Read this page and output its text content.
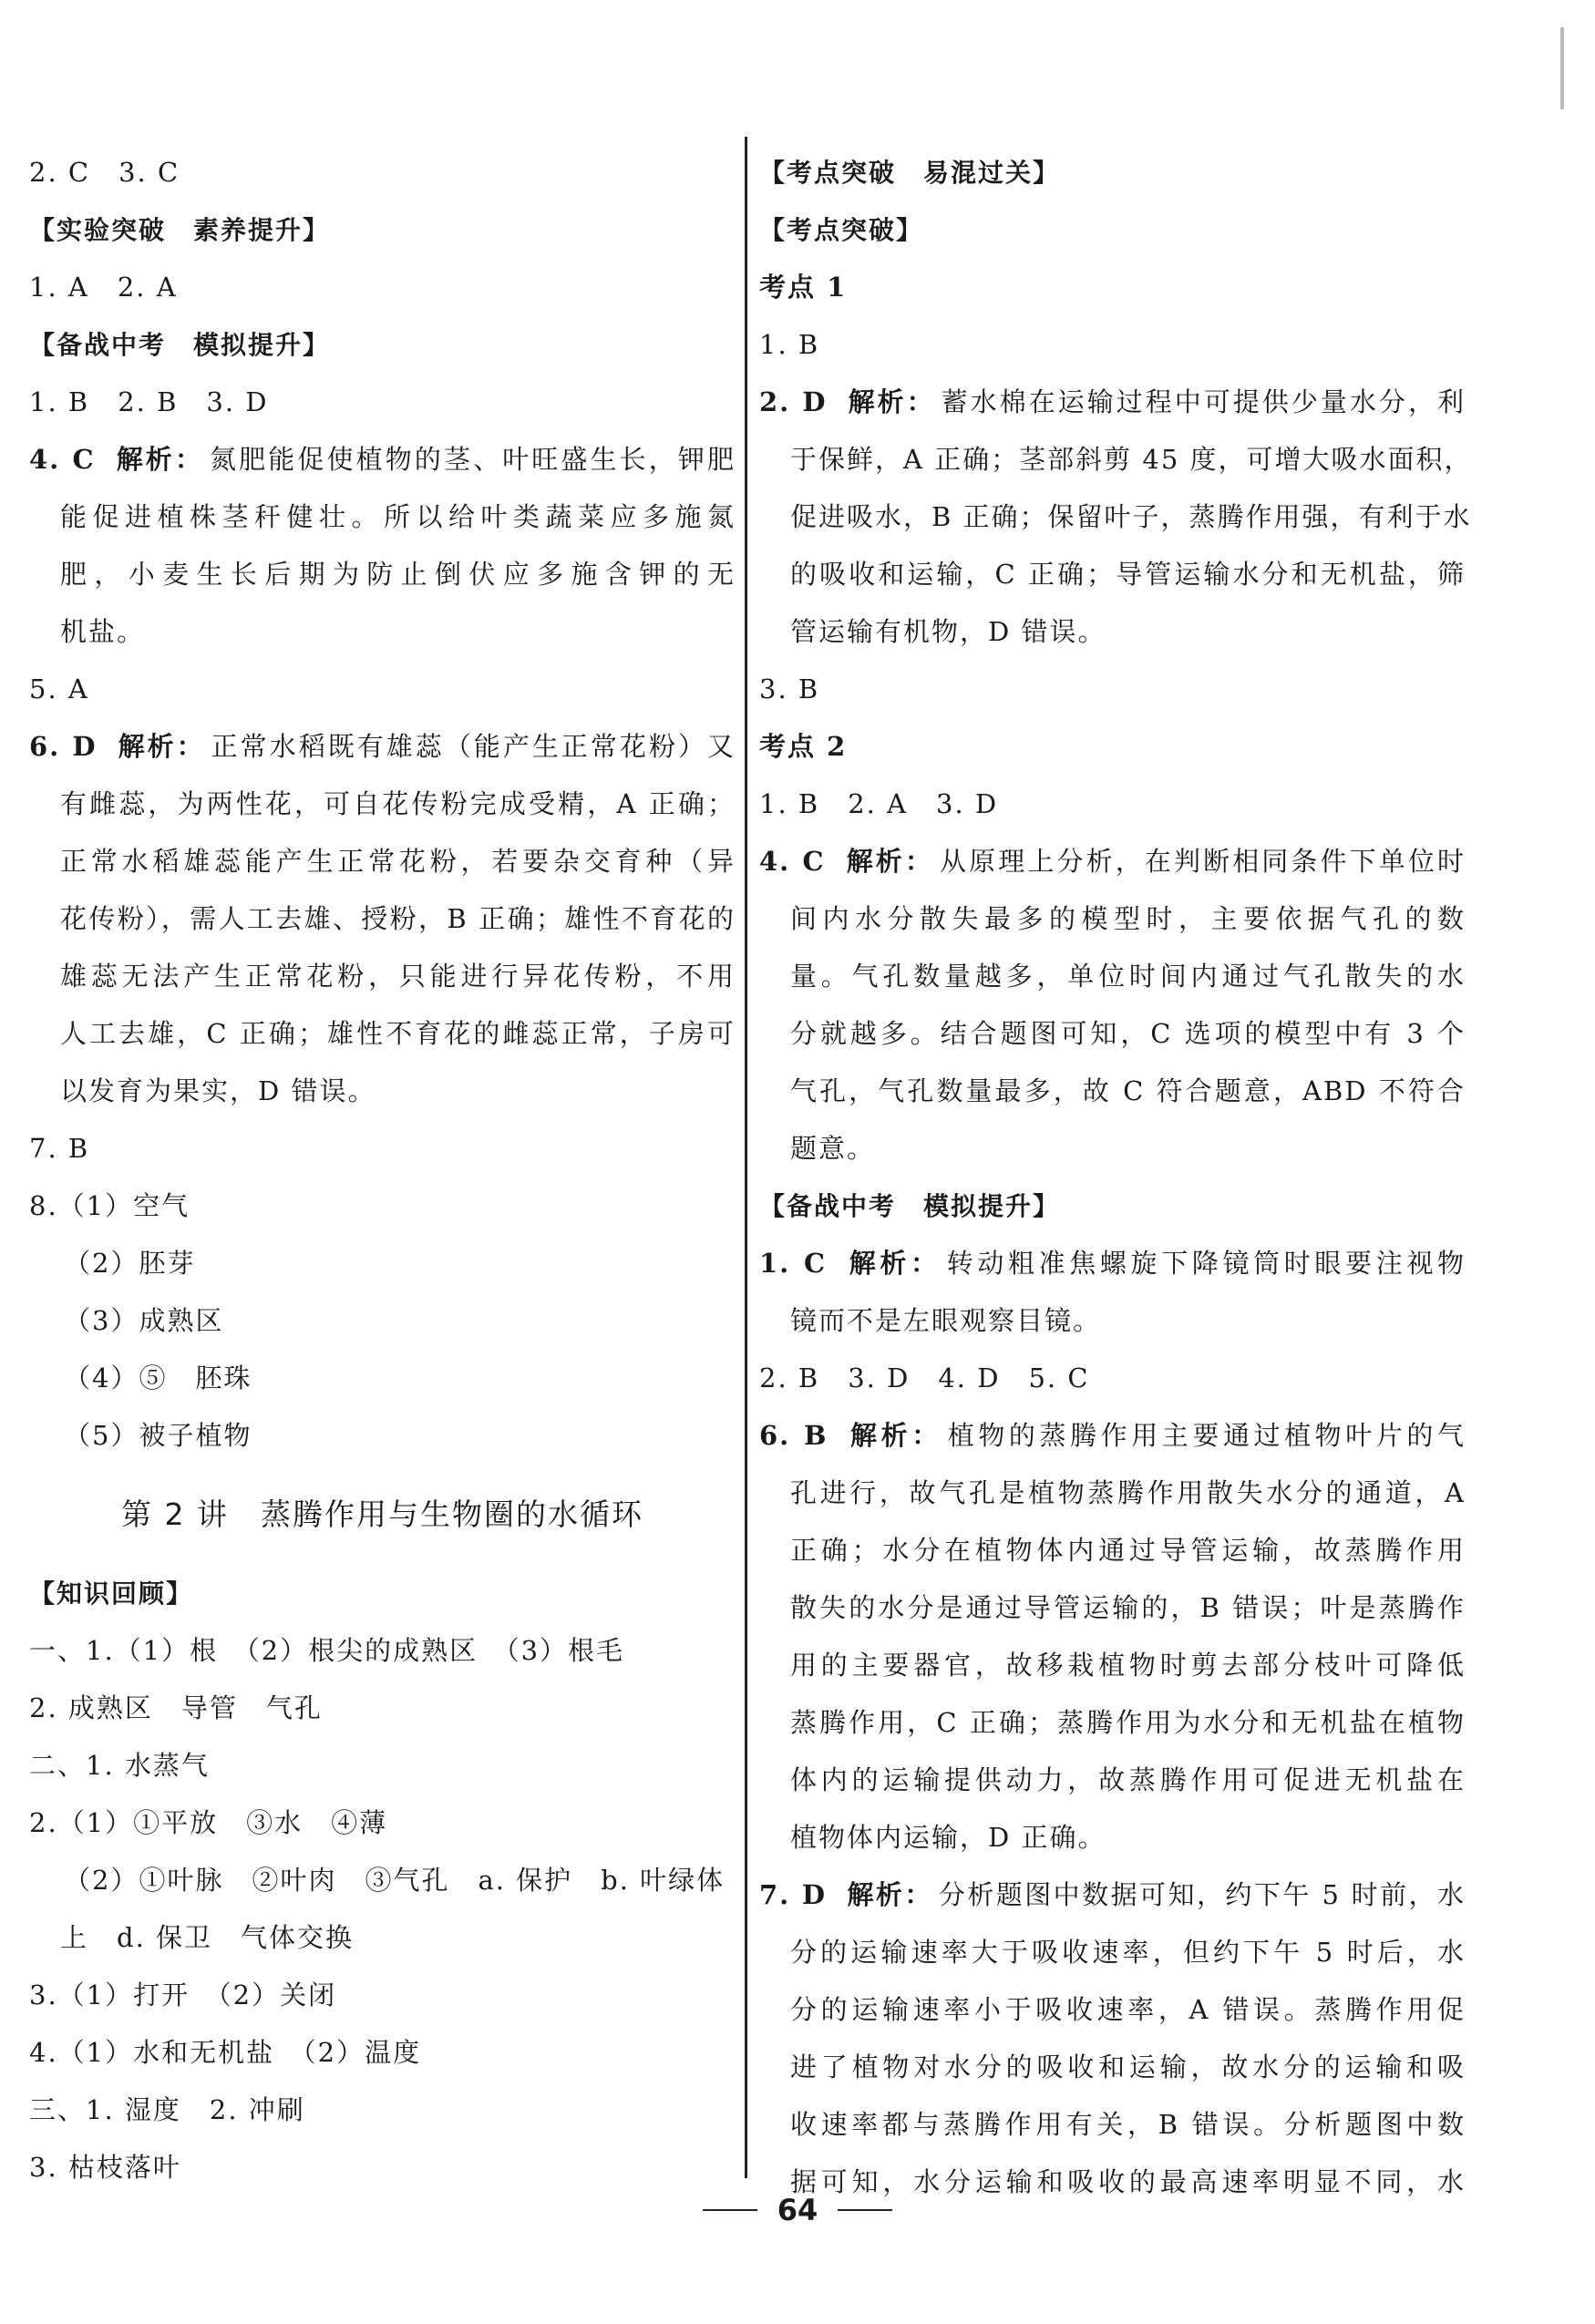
2. C　3. C
【实验突破　素养提升】
1. A　2. A
【备战中考　模拟提升】
1. B　2. B　3. D
4. C 解析： 氮肥能促使植物的茎、叶旺盛生长，钾肥
能促进植株茎秆健壮。所以给叶类蔬菜应多施氮
肥，小麦生长后期为防止倒伏应多施含钾的无
机盐。
5. A
6. D 解析： 正常水稻既有雄蕊（能产生正常花粉）又
有雌蕊，为两性花，可自花传粉完成受精，A 正确；
正常水稻雄蕊能产生正常花粉，若要杂交育种（异
花传粉），需人工去雄、授粉，B 正确；雄性不育花的
雄蕊无法产生正常花粉，只能进行异花传粉，不用
人工去雄，C 正确；雄性不育花的雌蕊正常，子房可
以发育为果实，D 错误。
7. B
8.（1）空气
（2）胚芽
（3）成熟区
（4）⑤　胚珠
（5）被子植物
第 2 讲　蒸腾作用与生物圈的水循环
【知识回顾】
一、1.（1）根　（2）根尖的成熟区　（3）根毛
2. 成熟区　导管　气孔
二、1. 水蒸气
2.（1）①平放　③水　④薄
（2）①叶脉　②叶肉　③气孔　a. 保护　b. 叶绿体
上　d. 保卫　气体交换
3.（1）打开　（2）关闭
4.（1）水和无机盐　（2）温度
三、1. 湿度　2. 冲刷
3. 枯枝落叶
【考点突破　易混过关】
【考点突破】
考点 1
1. B
2. D 解析： 蓄水棉在运输过程中可提供少量水分，利
于保鲜，A 正确；茎部斜剪 45 度，可增大吸水面积，
促进吸水，B 正确；保留叶子，蒸腾作用强，有利于水
的吸收和运输，C 正确；导管运输水分和无机盐，筛
管运输有机物，D 错误。
3. B
考点 2
1. B　2. A　3. D
4. C 解析： 从原理上分析，在判断相同条件下单位时
间内水分散失最多的模型时，主要依据气孔的数
量。气孔数量越多，单位时间内通过气孔散失的水
分就越多。结合题图可知，C 选项的模型中有 3 个
气孔，气孔数量最多，故 C 符合题意，ABD 不符合
题意。
【备战中考　模拟提升】
1. C 解析： 转动粗准焦螺旋下降镜筒时眼要注视物
镜而不是左眼观察目镜。
2. B　3. D　4. D　5. C
6. B 解析： 植物的蒸腾作用主要通过植物叶片的气
孔进行，故气孔是植物蒸腾作用散失水分的通道，A
正确；水分在植物体内通过导管运输，故蒸腾作用
散失的水分是通过导管运输的，B 错误；叶是蒸腾作
用的主要器官，故移栽植物时剪去部分枝叶可降低
蒸腾作用，C 正确；蒸腾作用为水分和无机盐在植物
体内的运输提供动力，故蒸腾作用可促进无机盐在
植物体内运输，D 正确。
7. D 解析： 分析题图中数据可知，约下午 5 时前，水
分的运输速率大于吸收速率，但约下午 5 时后，水
分的运输速率小于吸收速率，A 错误。蒸腾作用促
进了植物对水分的吸收和运输，故水分的运输和吸
收速率都与蒸腾作用有关，B 错误。分析题图中数
据可知，水分运输和吸收的最高速率明显不同，水
64
